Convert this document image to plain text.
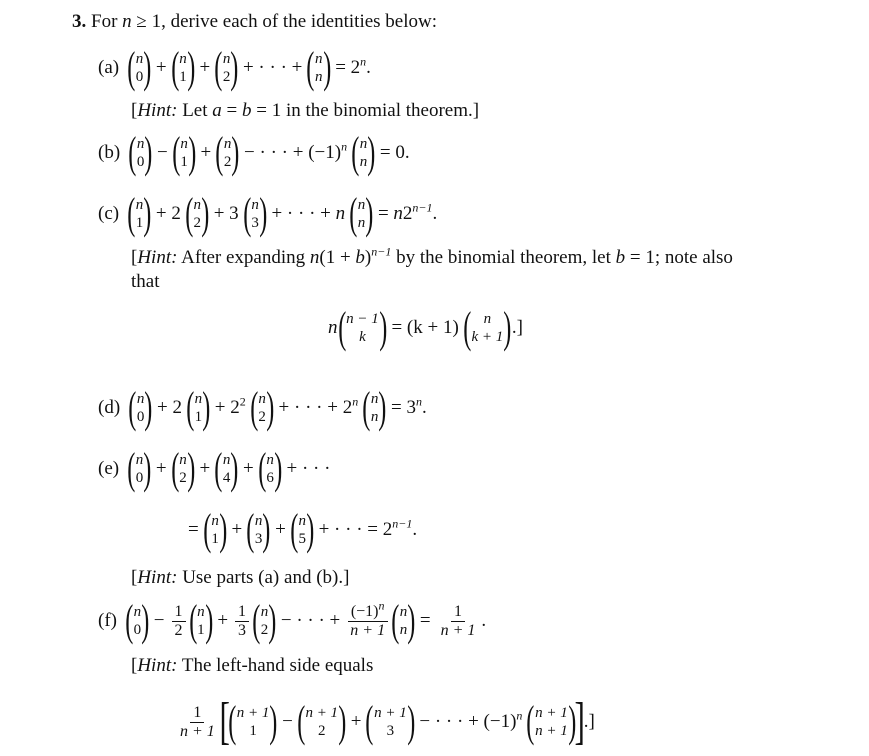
3. For n ≥ 1, derive each of the identities below:
(a) ( n
0 ) + ( n
1 ) + ( n
2 ) + · · · + ( n
n ) = $2^n$.
[Hint: Let a = b = 1 in the binomial theorem.]
(b) ( n
0 ) − ( n
1 ) + ( n
2 ) − · · · + $(-1)^n$ ( n
n ) = 0.
(c) ( n
1 ) + 2 ( n
2 ) + 3 ( n
3 ) + · · · + n ( n
n ) = $n2^{n-1}$.
[Hint: After expanding $n(1 + b)^{n-1}$ by the binomial theorem, let b = 1; note also
that
n ( n − 1
k ) = (k + 1) ( n
k + 1 ) .]
(d) ( n
0 ) + 2 ( n
1 ) + $2^2$ ( n
2 ) + · · · + $2^n$ ( n
n ) = $3^n$.
(e) ( n
0 ) + ( n
2 ) + ( n
4 ) + ( n
6 ) + · · ·
= ( n
1 ) + ( n
3 ) + ( n
5 ) + · · · = $2^{n-1}$.
[Hint: Use parts (a) and (b).]
(f) ( n
0 ) − $\frac{1}{2}$ ( n
1 ) + $\frac{1}{3}$ ( n
2 ) − · · · + $\frac{(-1)^n}{n + 1}$ ( n
n ) = $\frac{1}{n + 1}$ .
[Hint: The left-hand side equals
$\frac{1}{n + 1}$ [
( n + 1
1 ) − ( n + 1
2 ) + ( n + 1
3 ) − · · · + $(-1)^n$ ( n + 1
n + 1 )
]
.]
